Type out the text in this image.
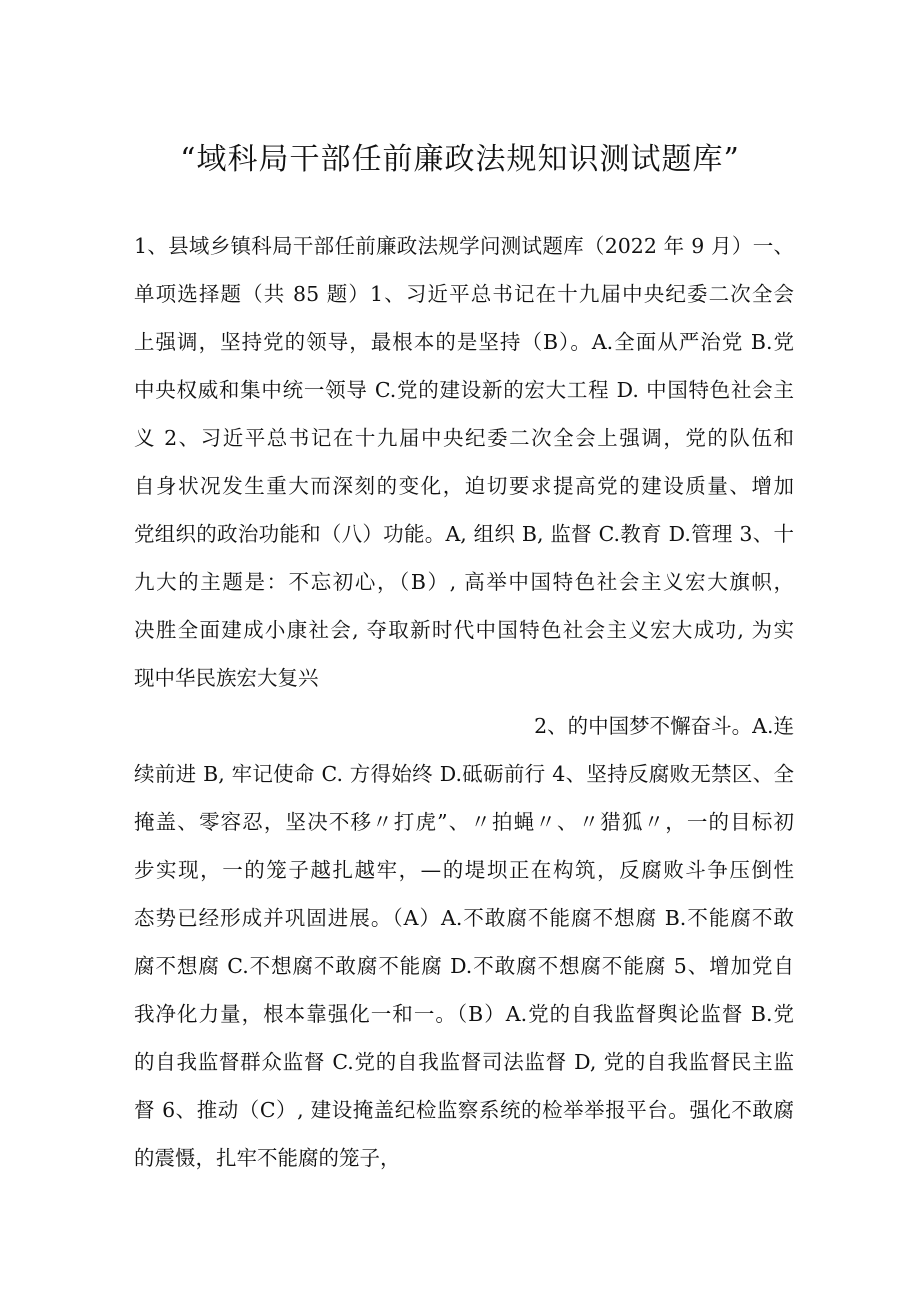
“域科局干部任前廉政法规知识测试题库”
1、县域乡镇科局干部任前廉政法规学问测试题库（2022 年 9 月）一、
单项选择题（共 85 题）1、习近平总书记在十九届中央纪委二次全会
上强调，坚持党的领导，最根本的是坚持（B）。A.全面从严治党 B.党
中央权威和集中统一领导 C.党的建设新的宏大工程 D. 中国特色社会主
义 2、习近平总书记在十九届中央纪委二次全会上强调，党的队伍和
自身状况发生重大而深刻的变化，迫切要求提高党的建设质量、增加
党组织的政治功能和（八）功能。A, 组织 B, 监督 C.教育 D.管理 3、十
九大的主题是：不忘初心，（B）, 高举中国特色社会主义宏大旗帜，
决胜全面建成小康社会, 夺取新时代中国特色社会主义宏大成功, 为实
现中华民族宏大复兴
2、的中国梦不懈奋斗。A.连
续前进 B, 牢记使命 C. 方得始终 D.砥砺前行 4、坚持反腐败无禁区、全
掩盖、零容忍，坚决不移〃打虎”、〃拍蝇〃、〃猎狐〃，一的目标初
步实现，一的笼子越扎越牢，—的堤坝正在构筑，反腐败斗争压倒性
态势已经形成并巩固进展。（A）A.不敢腐不能腐不想腐 B.不能腐不敢
腐不想腐 C.不想腐不敢腐不能腐 D.不敢腐不想腐不能腐 5、增加党自
我净化力量，根本靠强化一和一。（B）A.党的自我监督舆论监督 B.党
的自我监督群众监督 C.党的自我监督司法监督 D, 党的自我监督民主监
督 6、推动（C）, 建设掩盖纪检监察系统的检举举报平台。强化不敢腐
的震慑，扎牢不能腐的笼子，
